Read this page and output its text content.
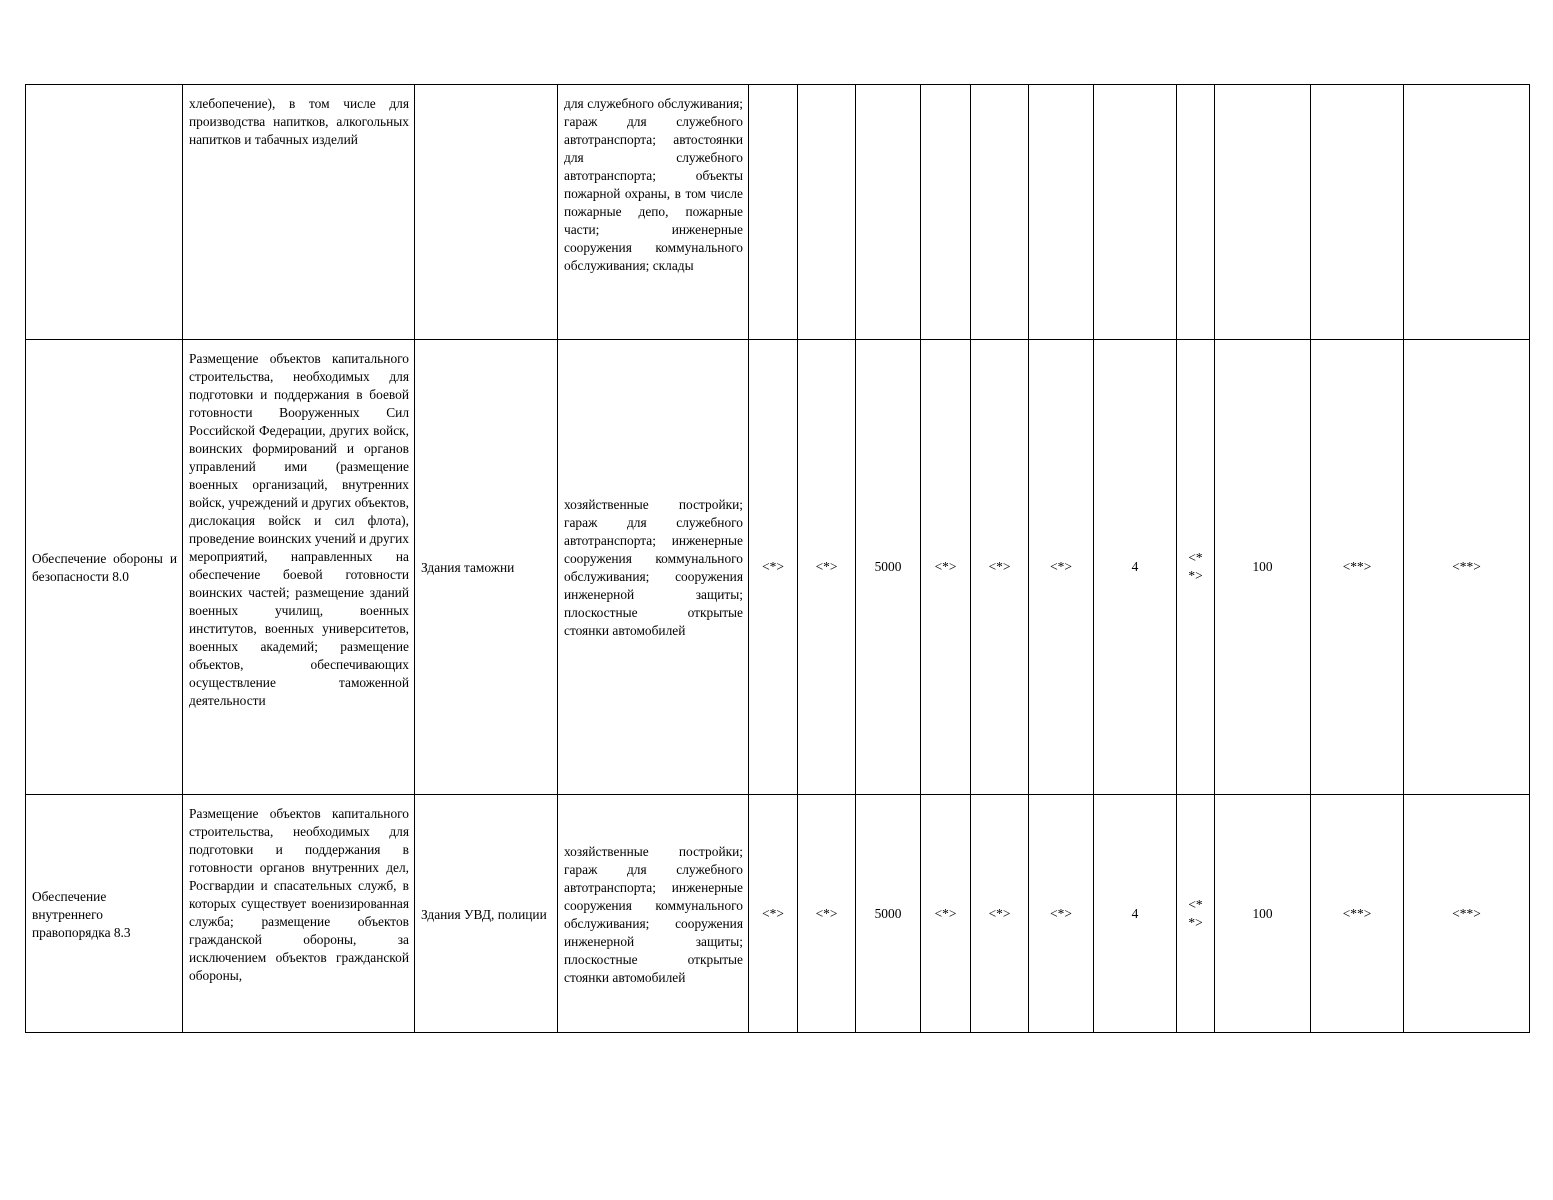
	хлебопечение), в том числе для производства напитков, алкогольных напитков и табачных изделий		для служебного обслуживания; гараж для служебного автотранспорта; автостоянки для служебного автотранспорта; объекты пожарной охраны, в том числе пожарные депо, пожарные части; инженерные сооружения коммунального обслуживания; склады											

Обеспечение обороны и безопасности 8.0	Размещение объектов капитального строительства, необходимых для подготовки и поддержания в боевой готовности Вооруженных Сил Российской Федерации, других войск, воинских формирований и органов управлений ими (размещение военных организаций, внутренних войск, учреждений и других объектов, дислокация войск и сил флота), проведение воинских учений и других мероприятий, направленных на обеспечение боевой готовности воинских частей; размещение зданий военных училищ, военных институтов, военных университетов, военных академий; размещение объектов, обеспечивающих осуществление таможенной деятельности	Здания таможни	хозяйственные постройки; гараж для служебного автотранспорта; инженерные сооружения коммунального обслуживания; сооружения инженерной защиты; плоскостные открытые стоянки автомобилей	<*>	<*>	5000	<*>	<*>	<*>	4	<**>	100	<**>	<**>

Обеспечение внутреннего правопорядка 8.3	Размещение объектов капитального строительства, необходимых для подготовки и поддержания в готовности органов внутренних дел, Росгвардии и спасательных служб, в которых существует военизированная служба; размещение объектов гражданской обороны, за исключением объектов гражданской обороны,	Здания УВД, полиции	хозяйственные постройки; гараж для служебного автотранспорта; инженерные сооружения коммунального обслуживания; сооружения инженерной защиты; плоскостные открытые стоянки автомобилей	<*>	<*>	5000	<*>	<*>	<*>	4	<**>	100	<**>	<**>
